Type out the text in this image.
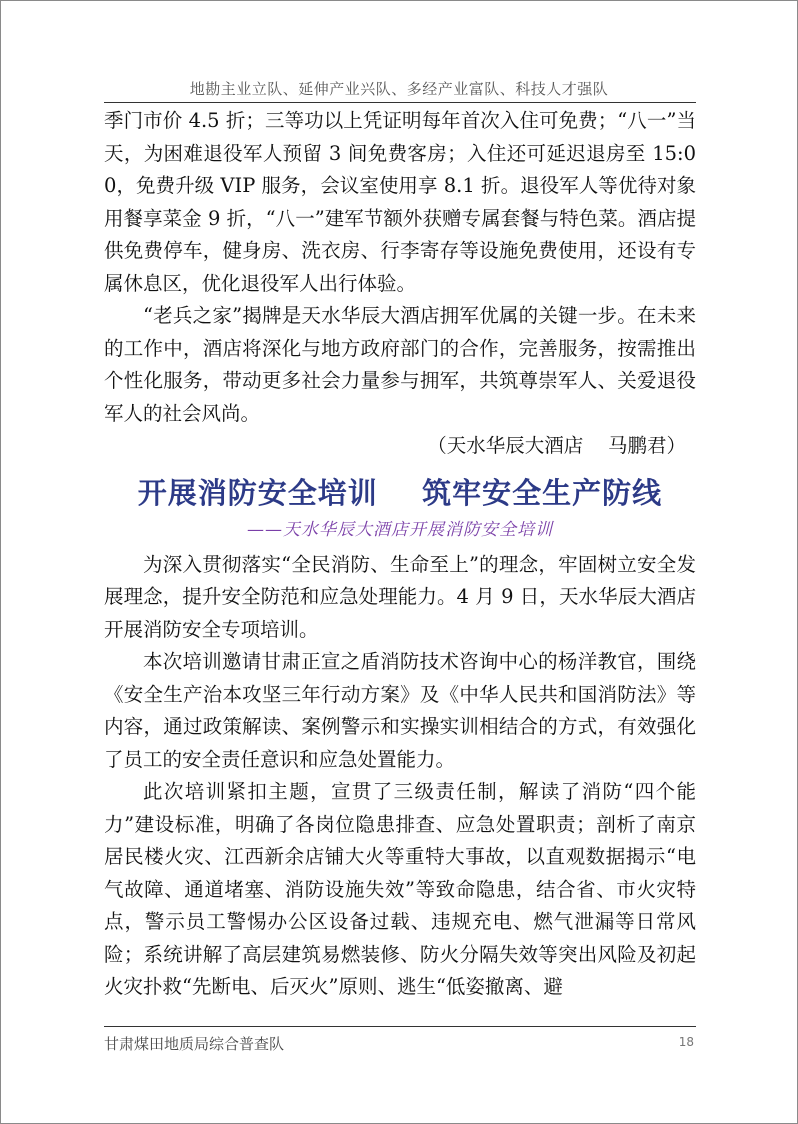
地勘主业立队、延伸产业兴队、多经产业富队、科技人才强队

季门市价 4.5 折；三等功以上凭证明每年首次入住可免费；“八一”当天，为困难退役军人预留 3 间免费客房；入住还可延迟退房至 15:00，免费升级 VIP 服务，会议室使用享 8.1 折。退役军人等优待对象用餐享菜金 9 折，“八一”建军节额外获赠专属套餐与特色菜。酒店提供免费停车，健身房、洗衣房、行李寄存等设施免费使用，还设有专属休息区，优化退役军人出行体验。

“老兵之家”揭牌是天水华辰大酒店拥军优属的关键一步。在未来的工作中，酒店将深化与地方政府部门的合作，完善服务，按需推出个性化服务，带动更多社会力量参与拥军，共筑尊崇军人、关爱退役军人的社会风尚。

（天水华辰大酒店    马鹏君）

开展消防安全培训    筑牢安全生产防线
——天水华辰大酒店开展消防安全培训

为深入贯彻落实“全民消防、生命至上”的理念，牢固树立安全发展理念，提升安全防范和应急处理能力。4 月 9 日，天水华辰大酒店开展消防安全专项培训。

本次培训邀请甘肃正宣之盾消防技术咨询中心的杨洋教官，围绕《安全生产治本攻坚三年行动方案》及《中华人民共和国消防法》等内容，通过政策解读、案例警示和实操实训相结合的方式，有效强化了员工的安全责任意识和应急处置能力。

此次培训紧扣主题，宣贯了三级责任制，解读了消防“四个能力”建设标准，明确了各岗位隐患排查、应急处置职责；剖析了南京居民楼火灾、江西新余店铺大火等重特大事故，以直观数据揭示“电气故障、通道堵塞、消防设施失效”等致命隐患，结合省、市火灾特点，警示员工警惕办公区设备过载、违规充电、燃气泄漏等日常风险；系统讲解了高层建筑易燃装修、防火分隔失效等突出风险及初起火灾扑救“先断电、后灭火”原则、逃生“低姿撤离、避

甘肃煤田地质局综合普查队	18
